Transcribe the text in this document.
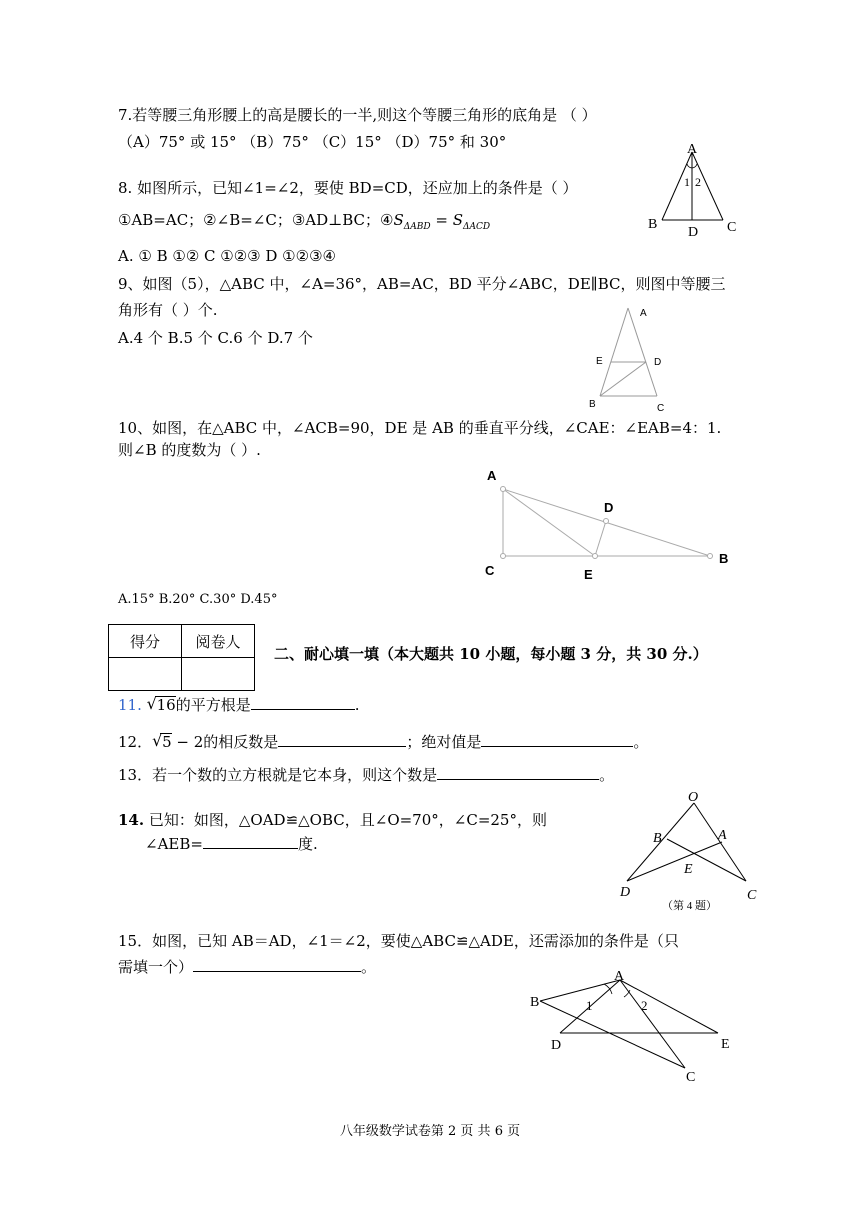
7.若等腰三角形腰上的高是腰长的一半,则这个等腰三角形的底角是 （ ）
（A）75° 或 15° （B）75° （C）15° （D）75° 和 30°
8. 如图所示，已知∠1=∠2，要使 BD=CD，还应加上的条件是（ ）
①AB=AC；②∠B=∠C；③AD⊥BC；$④S_{\Delta ABD} = S_{\Delta ACD}$
A. ① B ①② C ①②③ D ①②③④
A
1 2
B
D C
9、如图（5），△ABC 中，∠A=36°，AB=AC，BD 平分∠ABC，DE∥BC，则图中等腰三
角形有（ ）个.
A.4 个 B.5 个 C.6 个 D.7 个
A
E	D
B	C
10、如图，在△ABC 中，∠ACB=90，DE 是 AB 的垂直平分线，∠CAE：∠EAB=4：1.
则∠B 的度数为（ ）.
A
D
C	E
B
A.15° B.20° C.30° D.45°
得分	阅卷人

二、耐心填一填（本大题共 10 小题，每小题 3 分，共 30 分.）
11. √ 16的平方根是	.
12． √ 5 − 2的相反数是	；绝对值是	。
13．若一个数的立方根就是它本身，则这个数是	。
14. 已知：如图，△OAD≌△OBC，且∠O=70°，∠C=25°，则
∠AEB=	度.
O
B	A
E
D	C
（第 4 题）
15．如图，已知 AB＝AD，∠1＝∠2，要使△ABC≌△ADE，还需添加的条件是（只
需填一个）	。
A
B	1	2
D	E
C
八年级数学试卷第 2 页 共 6 页
